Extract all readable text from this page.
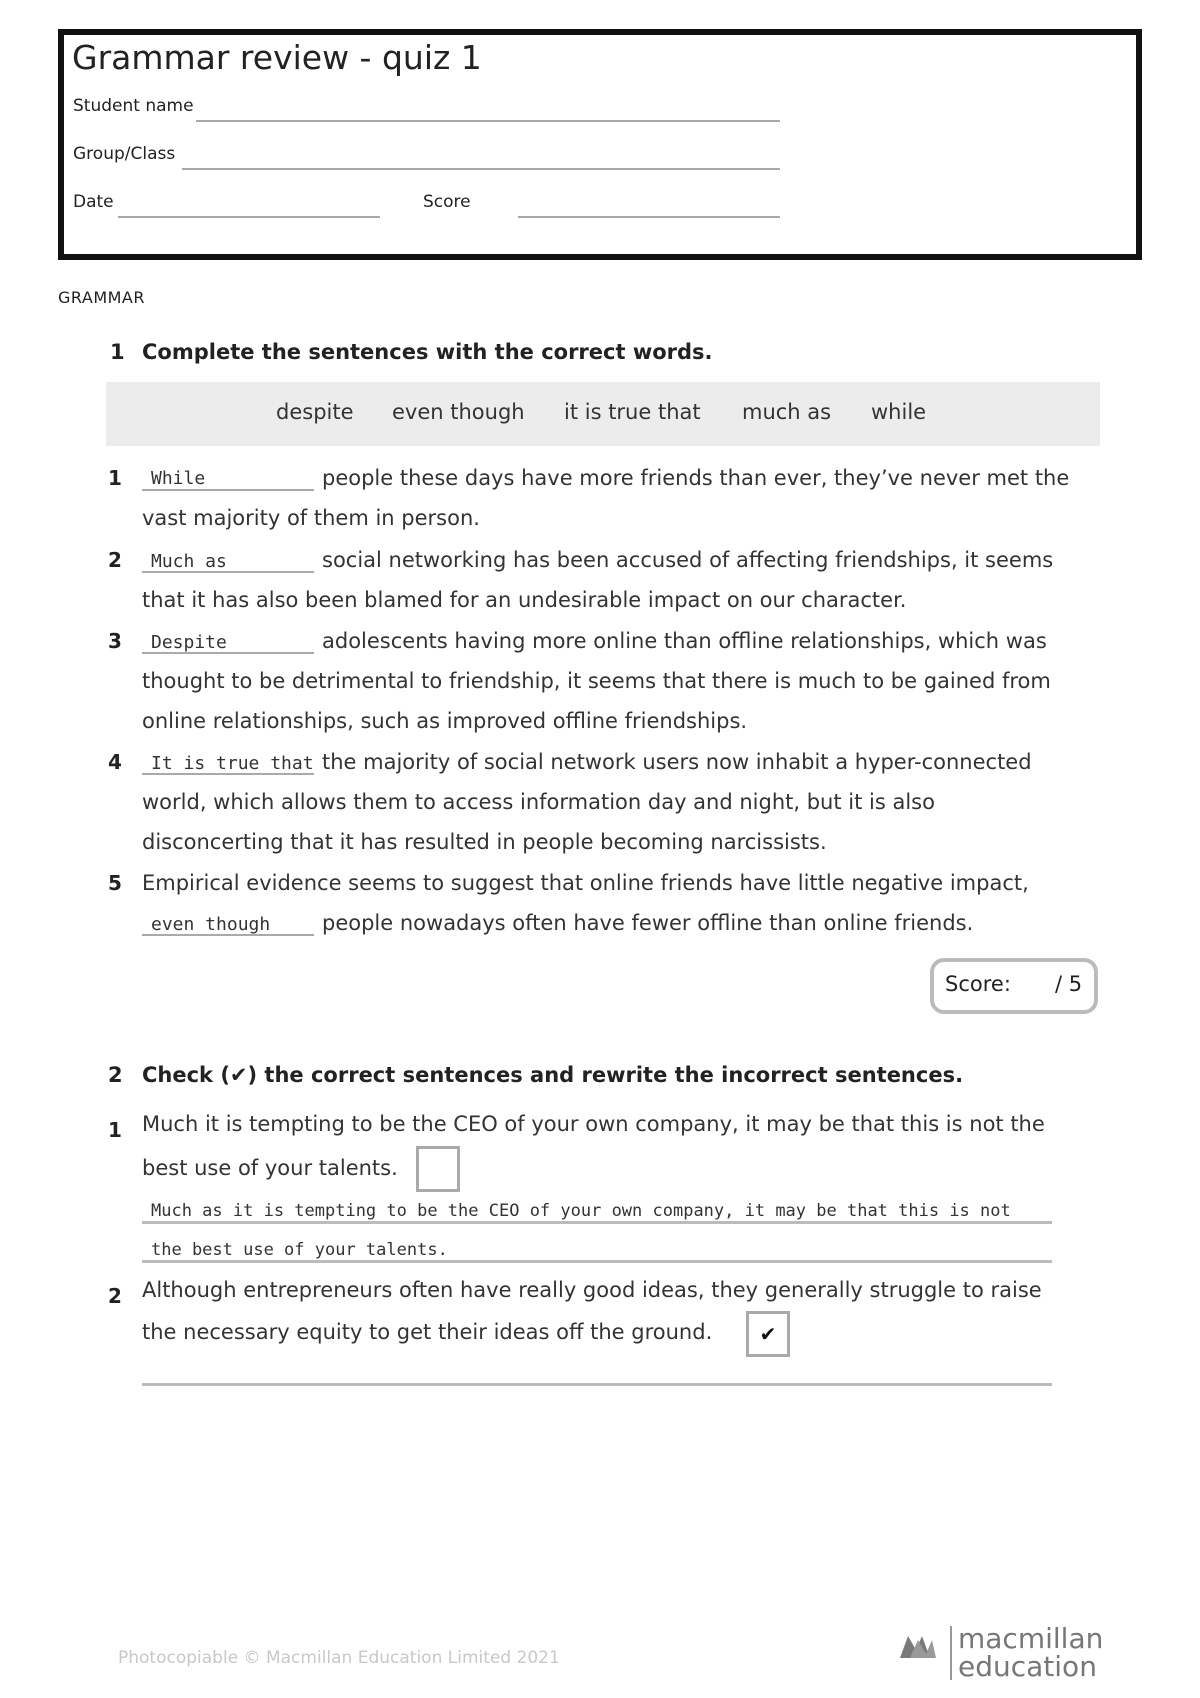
Grammar review - quiz 1
Student name
Group/Class
Date	Score
GRAMMAR
1 Complete the sentences with the correct words.
despite even though it is true that much as while
1 While	people these days have more friends than ever, they’ve never met the
vast majority of them in person.
2 Much as	social networking has been accused of affecting friendships, it seems
that it has also been blamed for an undesirable impact on our character.
3 Despite	adolescents having more online than offline relationships, which was
thought to be detrimental to friendship, it seems that there is much to be gained from
online relationships, such as improved offline friendships.
4 It is true that the majority of social network users now inhabit a hyper-connected
world, which allows them to access information day and night, but it is also
disconcerting that it has resulted in people becoming narcissists.
5 Empirical evidence seems to suggest that online friends have little negative impact,
even though people nowadays often have fewer offline than online friends.
Score: / 5
2 Check (✔) the correct sentences and rewrite the incorrect sentences.
1 Much it is tempting to be the CEO of your own company, it may be that this is not the
best use of your talents.
Much as it is tempting to be the CEO of your own company, it may be that this is not
the best use of your talents.
2 Although entrepreneurs often have really good ideas, they generally struggle to raise
the necessary equity to get their ideas off the ground.	✔
Photocopiable © Macmillan Education Limited 2021
macmillan
education
